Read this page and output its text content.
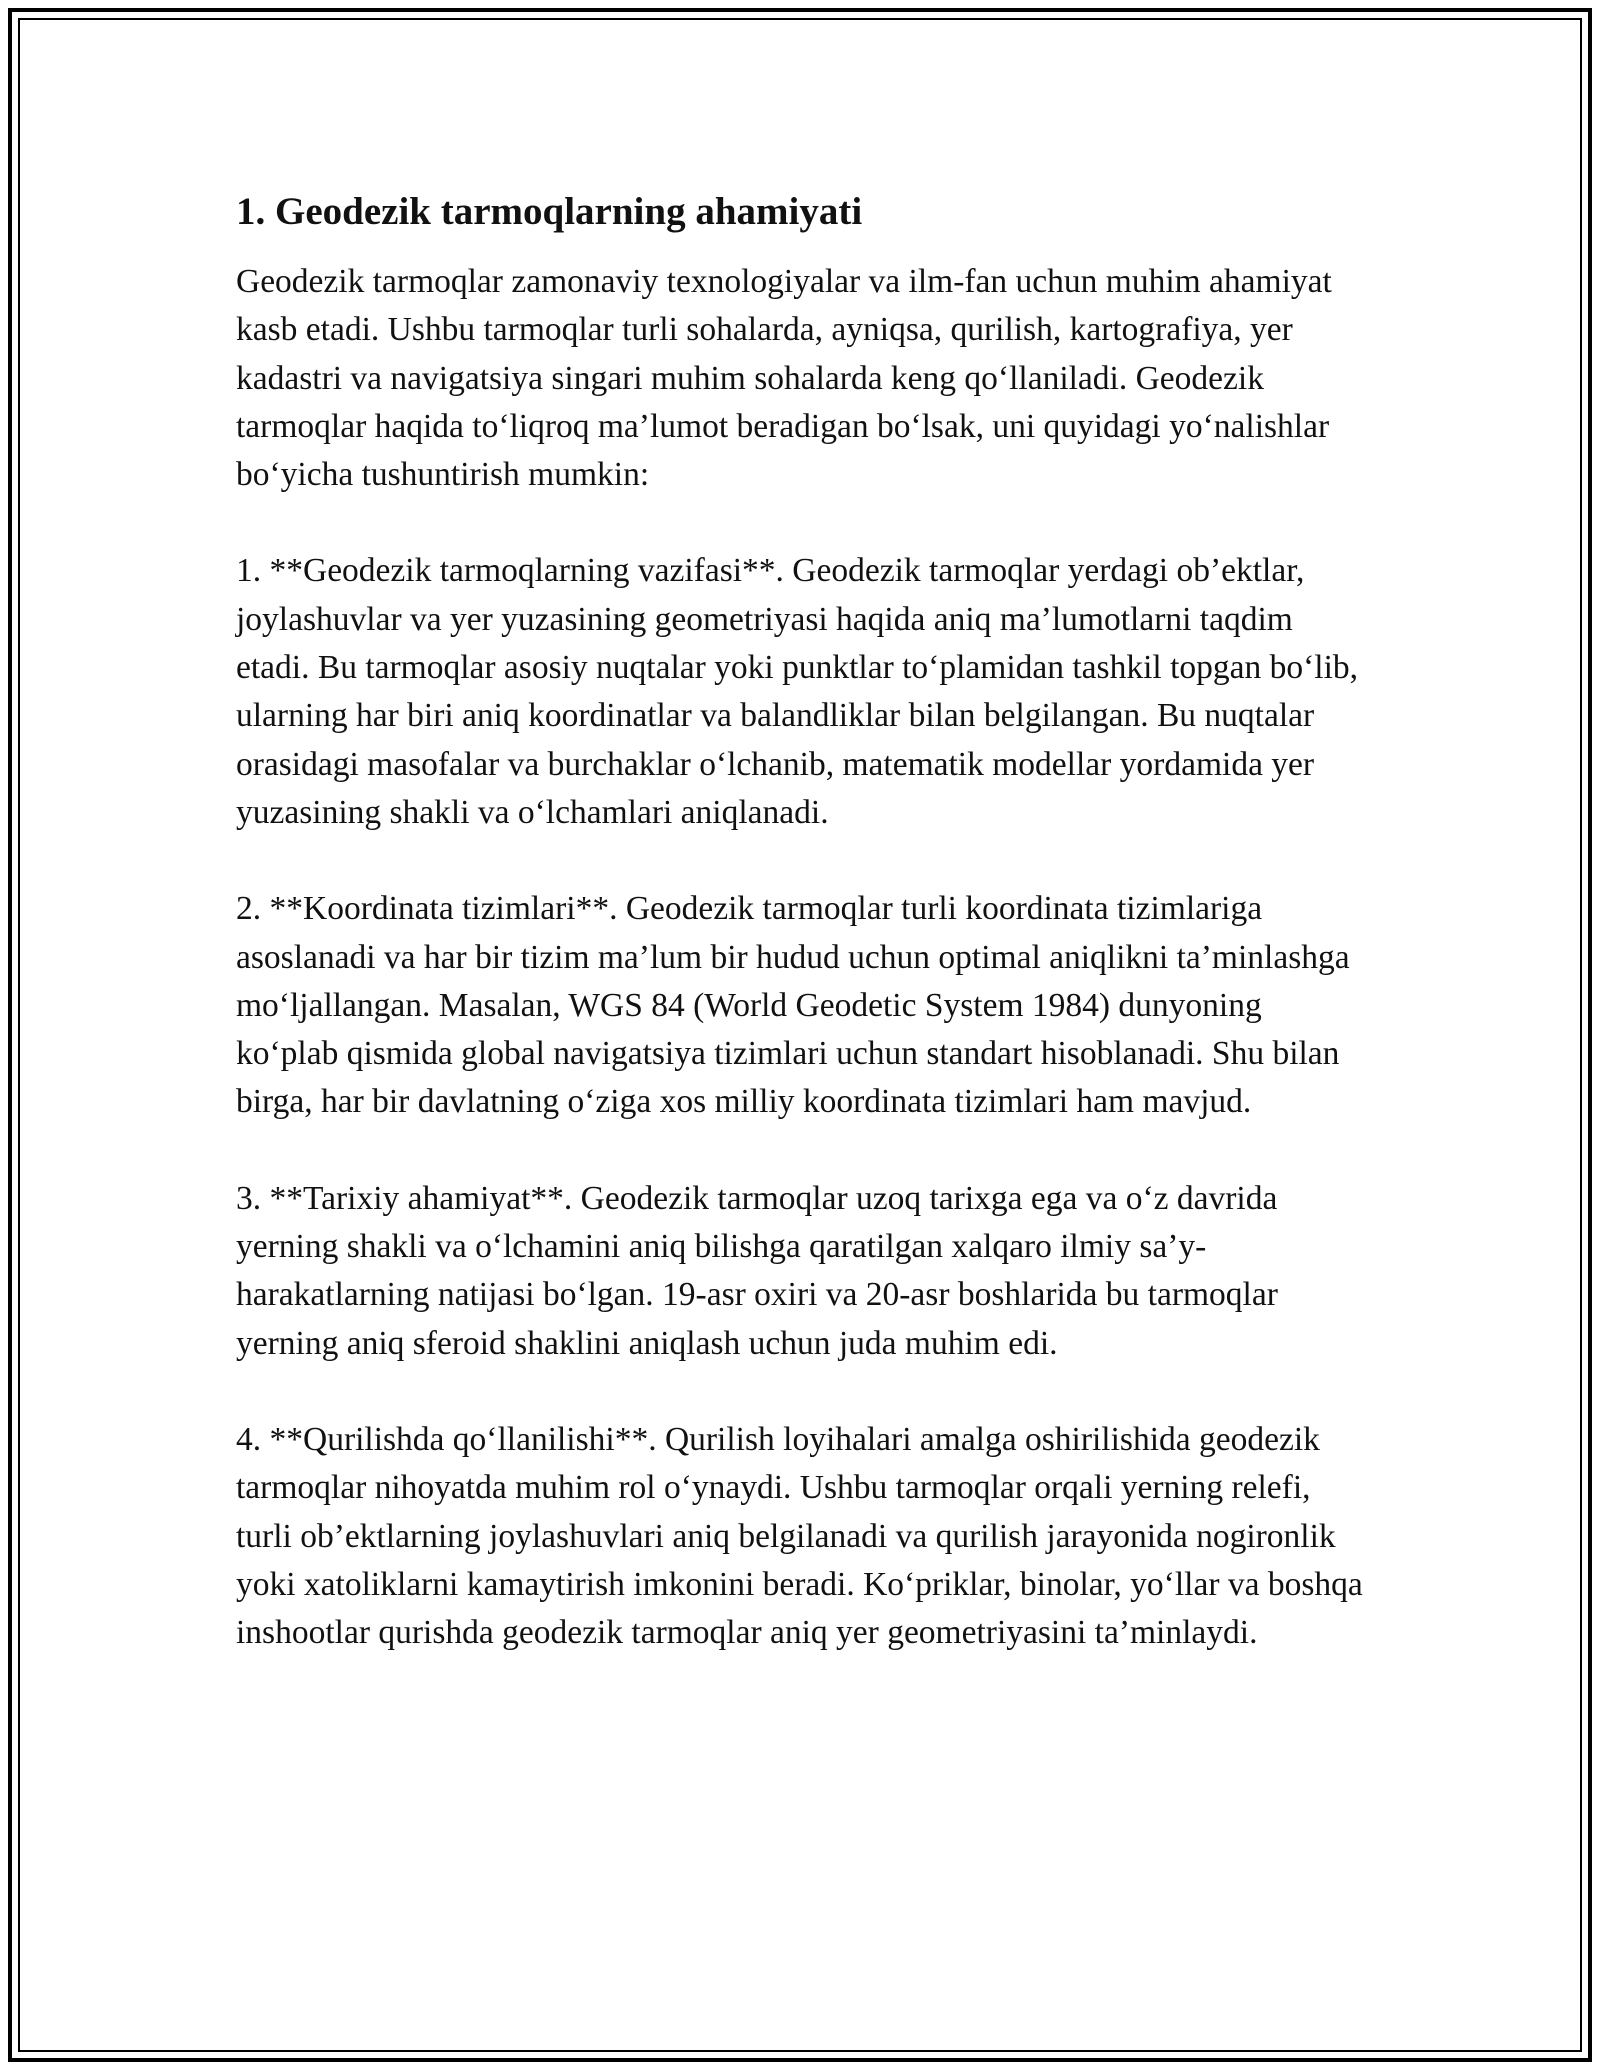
1. Geodezik tarmoqlarning ahamiyati

Geodezik tarmoqlar zamonaviy texnologiyalar va ilm-fan uchun muhim ahamiyat kasb etadi. Ushbu tarmoqlar turli sohalarda, ayniqsa, qurilish, kartografiya, yer kadastri va navigatsiya singari muhim sohalarda keng qo‘llaniladi. Geodezik tarmoqlar haqida to‘liqroq ma’lumot beradigan bo‘lsak, uni quyidagi yo‘nalishlar bo‘yicha tushuntirish mumkin:

1. **Geodezik tarmoqlarning vazifasi**. Geodezik tarmoqlar yerdagi ob’ektlar, joylashuvlar va yer yuzasining geometriyasi haqida aniq ma’lumotlarni taqdim etadi. Bu tarmoqlar asosiy nuqtalar yoki punktlar to‘plamidan tashkil topgan bo‘lib, ularning har biri aniq koordinatlar va balandliklar bilan belgilangan. Bu nuqtalar orasidagi masofalar va burchaklar o‘lchanib, matematik modellar yordamida yer yuzasining shakli va o‘lchamlari aniqlanadi.

2. **Koordinata tizimlari**. Geodezik tarmoqlar turli koordinata tizimlariga asoslanadi va har bir tizim ma’lum bir hudud uchun optimal aniqlikni ta’minlashga mo‘ljallangan. Masalan, WGS 84 (World Geodetic System 1984) dunyoning ko‘plab qismida global navigatsiya tizimlari uchun standart hisoblanadi. Shu bilan birga, har bir davlatning o‘ziga xos milliy koordinata tizimlari ham mavjud.

3. **Tarixiy ahamiyat**. Geodezik tarmoqlar uzoq tarixga ega va o‘z davrida yerning shakli va o‘lchamini aniq bilishga qaratilgan xalqaro ilmiy sa’y-harakatlarning natijasi bo‘lgan. 19-asr oxiri va 20-asr boshlarida bu tarmoqlar yerning aniq sferoid shaklini aniqlash uchun juda muhim edi.

4. **Qurilishda qo‘llanilishi**. Qurilish loyihalari amalga oshirilishida geodezik tarmoqlar nihoyatda muhim rol o‘ynaydi. Ushbu tarmoqlar orqali yerning relefi, turli ob’ektlarning joylashuvlari aniq belgilanadi va qurilish jarayonida nogironlik yoki xatoliklarni kamaytirish imkonini beradi. Ko‘priklar, binolar, yo‘llar va boshqa inshootlar qurishda geodezik tarmoqlar aniq yer geometriyasini ta’minlaydi.
